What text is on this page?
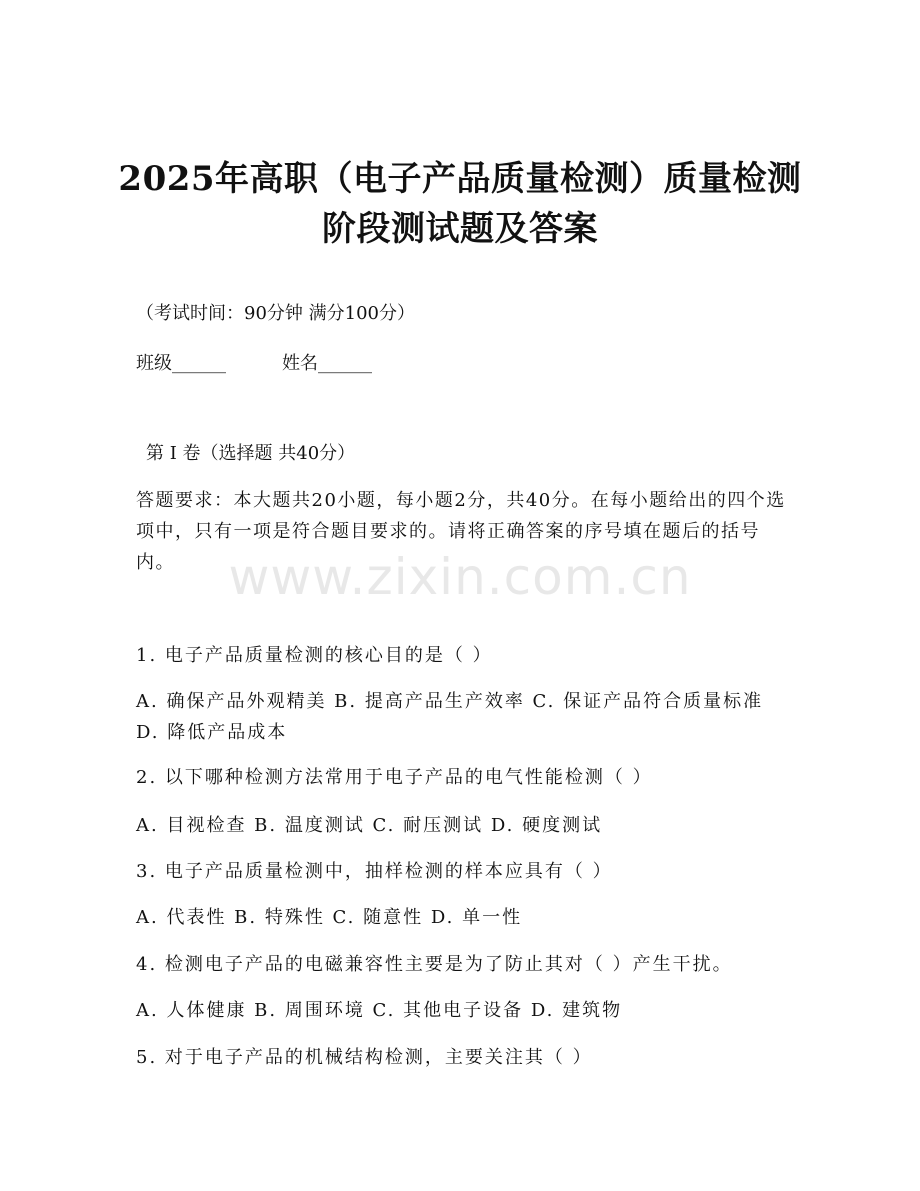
2025年高职（电子产品质量检测）质量检测
阶段测试题及答案
（考试时间：90分钟 满分100分）
班级______	姓名______
第 I 卷（选择题 共40分）
答题要求：本大题共20小题，每小题2分，共40分。在每小题给出的四个选项中，只有一项是符合题目要求的。请将正确答案的序号填在题后的括号内。	www.zixin.com.cn
1. 电子产品质量检测的核心目的是（ ）
A. 确保产品外观精美 B. 提高产品生产效率 C. 保证产品符合质量标准 D. 降低产品成本
2. 以下哪种检测方法常用于电子产品的电气性能检测（ ）
A. 目视检查 B. 温度测试 C. 耐压测试 D. 硬度测试
3. 电子产品质量检测中，抽样检测的样本应具有（ ）
A. 代表性 B. 特殊性 C. 随意性 D. 单一性
4. 检测电子产品的电磁兼容性主要是为了防止其对（ ）产生干扰。
A. 人体健康 B. 周围环境 C. 其他电子设备 D. 建筑物
5. 对于电子产品的机械结构检测，主要关注其（ ）
